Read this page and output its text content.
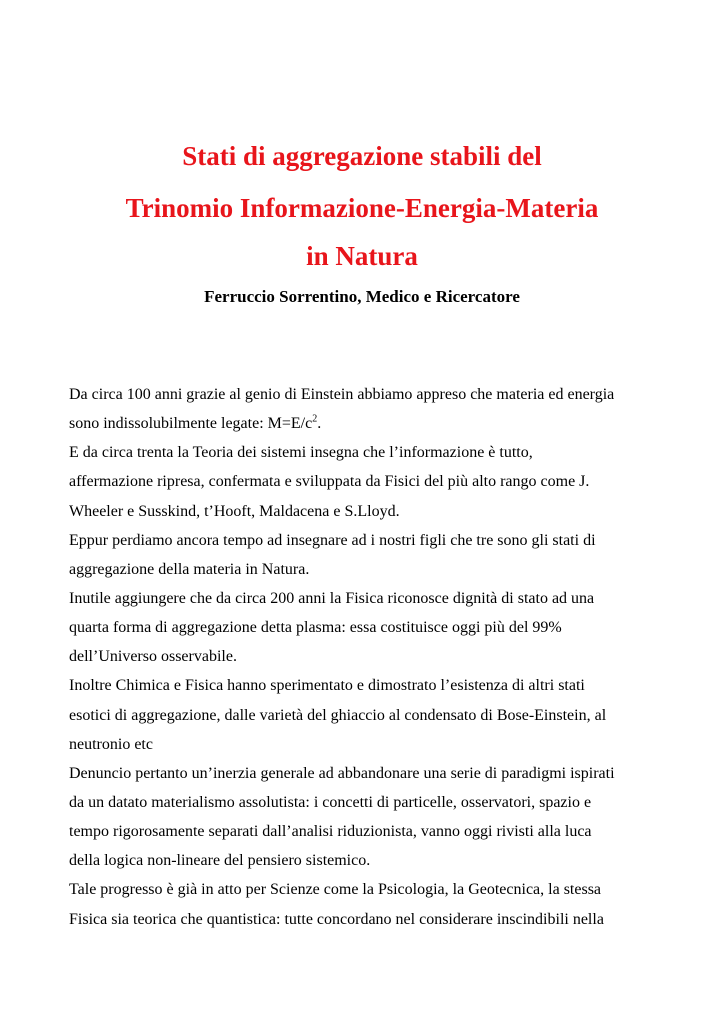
Stati di aggregazione stabili del
Trinomio Informazione-Energia-Materia
in Natura
Ferruccio Sorrentino, Medico e Ricercatore
Da circa 100 anni grazie al genio di Einstein abbiamo appreso che materia ed energia
sono indissolubilmente legate: $M=E/c^2$.
E da circa trenta la Teoria dei sistemi insegna che l’informazione è tutto,
affermazione ripresa, confermata e sviluppata da Fisici del più alto rango come J.
Wheeler e Susskind, t’Hooft, Maldacena e S.Lloyd.
Eppur perdiamo ancora tempo ad insegnare ad i nostri figli che tre sono gli stati di
aggregazione della materia in Natura.
Inutile aggiungere che da circa 200 anni la Fisica riconosce dignità di stato ad una
quarta forma di aggregazione detta plasma: essa costituisce oggi più del 99%
dell’Universo osservabile.
Inoltre Chimica e Fisica hanno sperimentato e dimostrato l’esistenza di altri stati
esotici di aggregazione, dalle varietà del ghiaccio al condensato di Bose-Einstein, al
neutronio etc
Denuncio pertanto un’inerzia generale ad abbandonare una serie di paradigmi ispirati
da un datato materialismo assolutista: i concetti di particelle, osservatori, spazio e
tempo rigorosamente separati dall’analisi riduzionista, vanno oggi rivisti alla luca
della logica non-lineare del pensiero sistemico.
Tale progresso è già in atto per Scienze come la Psicologia, la Geotecnica, la stessa
Fisica sia teorica che quantistica: tutte concordano nel considerare inscindibili nella
